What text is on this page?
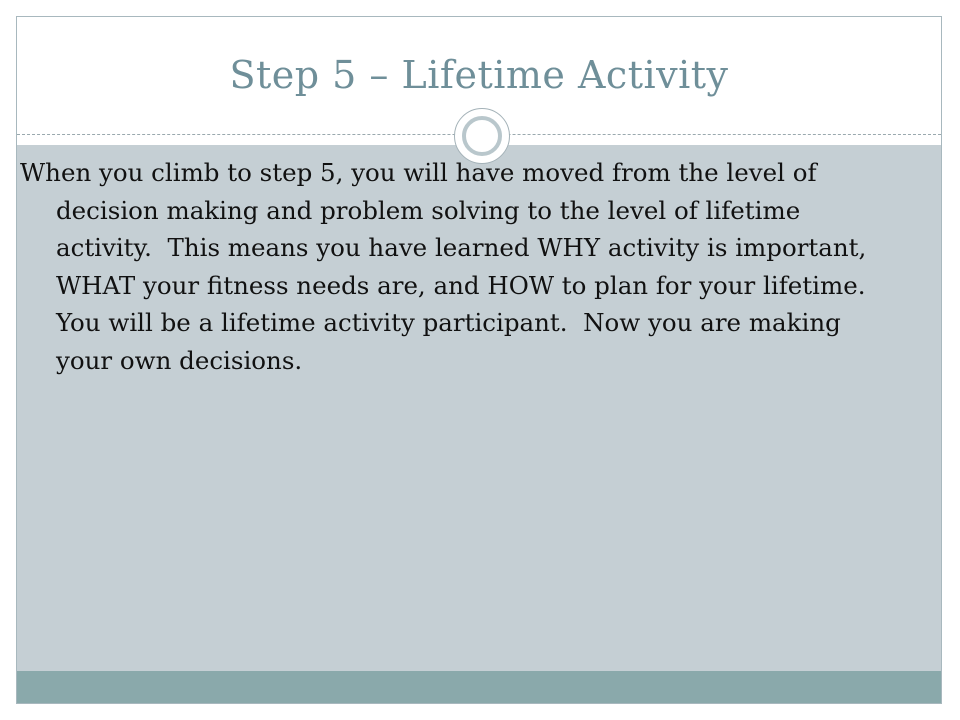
Step 5 – Lifetime Activity

When you climb to step 5, you will have moved from the level of decision making and problem solving to the level of lifetime activity.  This means you have learned WHY activity is important, WHAT your fitness needs are, and HOW to plan for your lifetime.  You will be a lifetime activity participant.  Now you are making your own decisions.
